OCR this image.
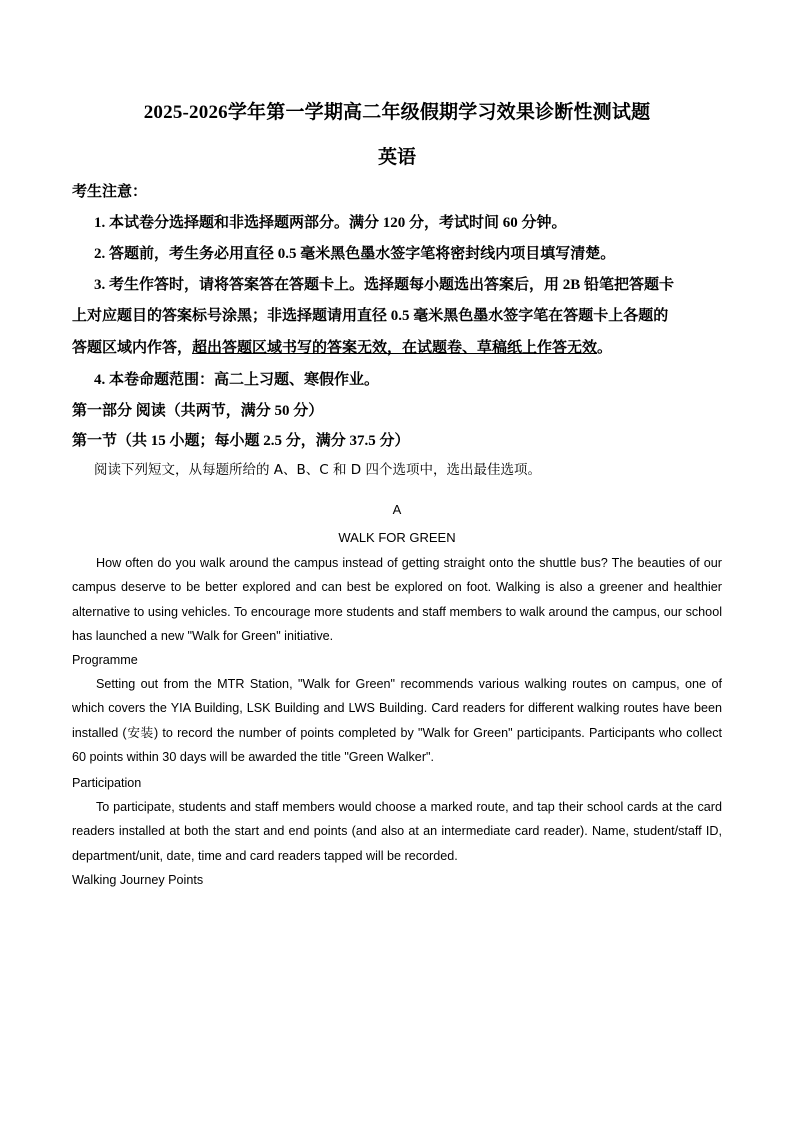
2025-2026学年第一学期高二年级假期学习效果诊断性测试题
英语
考生注意：
1. 本试卷分选择题和非选择题两部分。满分 120 分，考试时间 60 分钟。
2. 答题前，考生务必用直径 0.5 毫米黑色墨水签字笔将密封线内项目填写清楚。
3. 考生作答时，请将答案答在答题卡上。选择题每小题选出答案后，用 2B 铅笔把答题卡
上对应题目的答案标号涂黑；非选择题请用直径 0.5 毫米黑色墨水签字笔在答题卡上各题的
答题区域内作答，超出答题区域书写的答案无效，在试题卷、草稿纸上作答无效。
4. 本卷命题范围：高二上习题、寒假作业。
第一部分 阅读（共两节，满分 50 分）
第一节（共 15 小题；每小题 2.5 分，满分 37.5 分）
阅读下列短文，从每题所给的 A、B、C 和 D 四个选项中，选出最佳选项。
A
WALK FOR GREEN
How often do you walk around the campus instead of getting straight onto the shuttle bus? The beauties of our campus deserve to be better explored and can best be explored on foot. Walking is also a greener and healthier alternative to using vehicles. To encourage more students and staff members to walk around the campus, our school has launched a new "Walk for Green" initiative.
Programme
Setting out from the MTR Station, "Walk for Green" recommends various walking routes on campus, one of which covers the YIA Building, LSK Building and LWS Building. Card readers for different walking routes have been installed (安装) to record the number of points completed by "Walk for Green" participants. Participants who collect 60 points within 30 days will be awarded the title "Green Walker".
Participation
To participate, students and staff members would choose a marked route, and tap their school cards at the card readers installed at both the start and end points (and also at an intermediate card reader). Name, student/staff ID, department/unit, date, time and card readers tapped will be recorded.
Walking Journey Points
